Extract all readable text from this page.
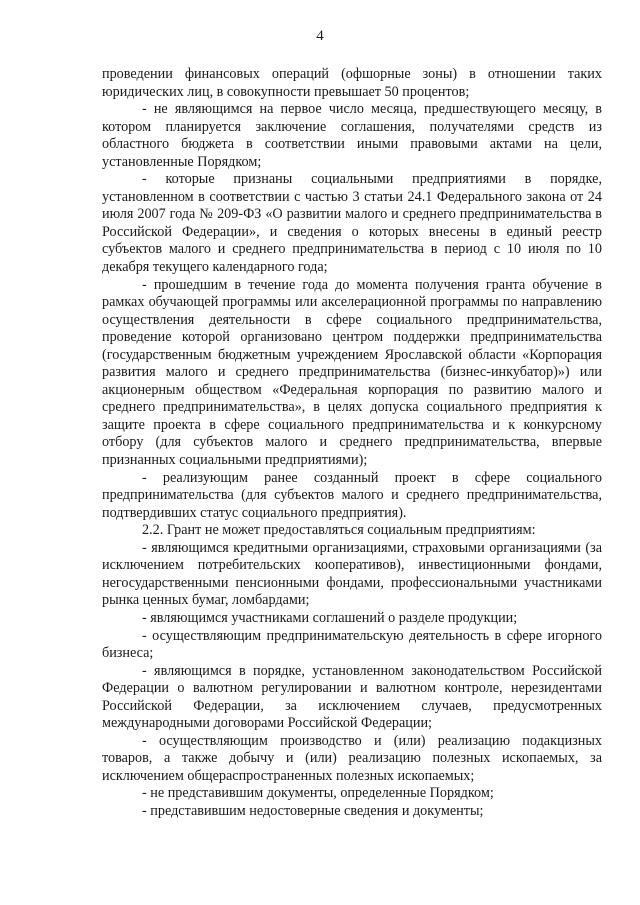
4

проведении финансовых операций (офшорные зоны) в отношении таких юридических лиц, в совокупности превышает 50 процентов;

- не являющимся на первое число месяца, предшествующего месяцу, в котором планируется заключение соглашения, получателями средств из областного бюджета в соответствии иными правовыми актами на цели, установленные Порядком;

- которые признаны социальными предприятиями в порядке, установленном в соответствии с частью 3 статьи 24.1 Федерального закона от 24 июля 2007 года № 209-ФЗ «О развитии малого и среднего предпринимательства в Российской Федерации», и сведения о которых внесены в единый реестр субъектов малого и среднего предпринимательства в период с 10 июля по 10 декабря текущего календарного года;

- прошедшим в течение года до момента получения гранта обучение в рамках обучающей программы или акселерационной программы по направлению осуществления деятельности в сфере социального предпринимательства, проведение которой организовано центром поддержки предпринимательства (государственным бюджетным учреждением Ярославской области «Корпорация развития малого и среднего предпринимательства (бизнес-инкубатор)») или акционерным обществом «Федеральная корпорация по развитию малого и среднего предпринимательства», в целях допуска социального предприятия к защите проекта в сфере социального предпринимательства и к конкурсному отбору (для субъектов малого и среднего предпринимательства, впервые признанных социальными предприятиями);

- реализующим ранее созданный проект в сфере социального предпринимательства (для субъектов малого и среднего предпринимательства, подтвердивших статус социального предприятия).

2.2. Грант не может предоставляться социальным предприятиям:

- являющимся кредитными организациями, страховыми организациями (за исключением потребительских кооперативов), инвестиционными фондами, негосударственными пенсионными фондами, профессиональными участниками рынка ценных бумаг, ломбардами;

- являющимся участниками соглашений о разделе продукции;

- осуществляющим предпринимательскую деятельность в сфере игорного бизнеса;

- являющимся в порядке, установленном законодательством Российской Федерации о валютном регулировании и валютном контроле, нерезидентами Российской Федерации, за исключением случаев, предусмотренных международными договорами Российской Федерации;

- осуществляющим производство и (или) реализацию подакцизных товаров, а также добычу и (или) реализацию полезных ископаемых, за исключением общераспространенных полезных ископаемых;

- не представившим документы, определенные Порядком;

- представившим недостоверные сведения и документы;
